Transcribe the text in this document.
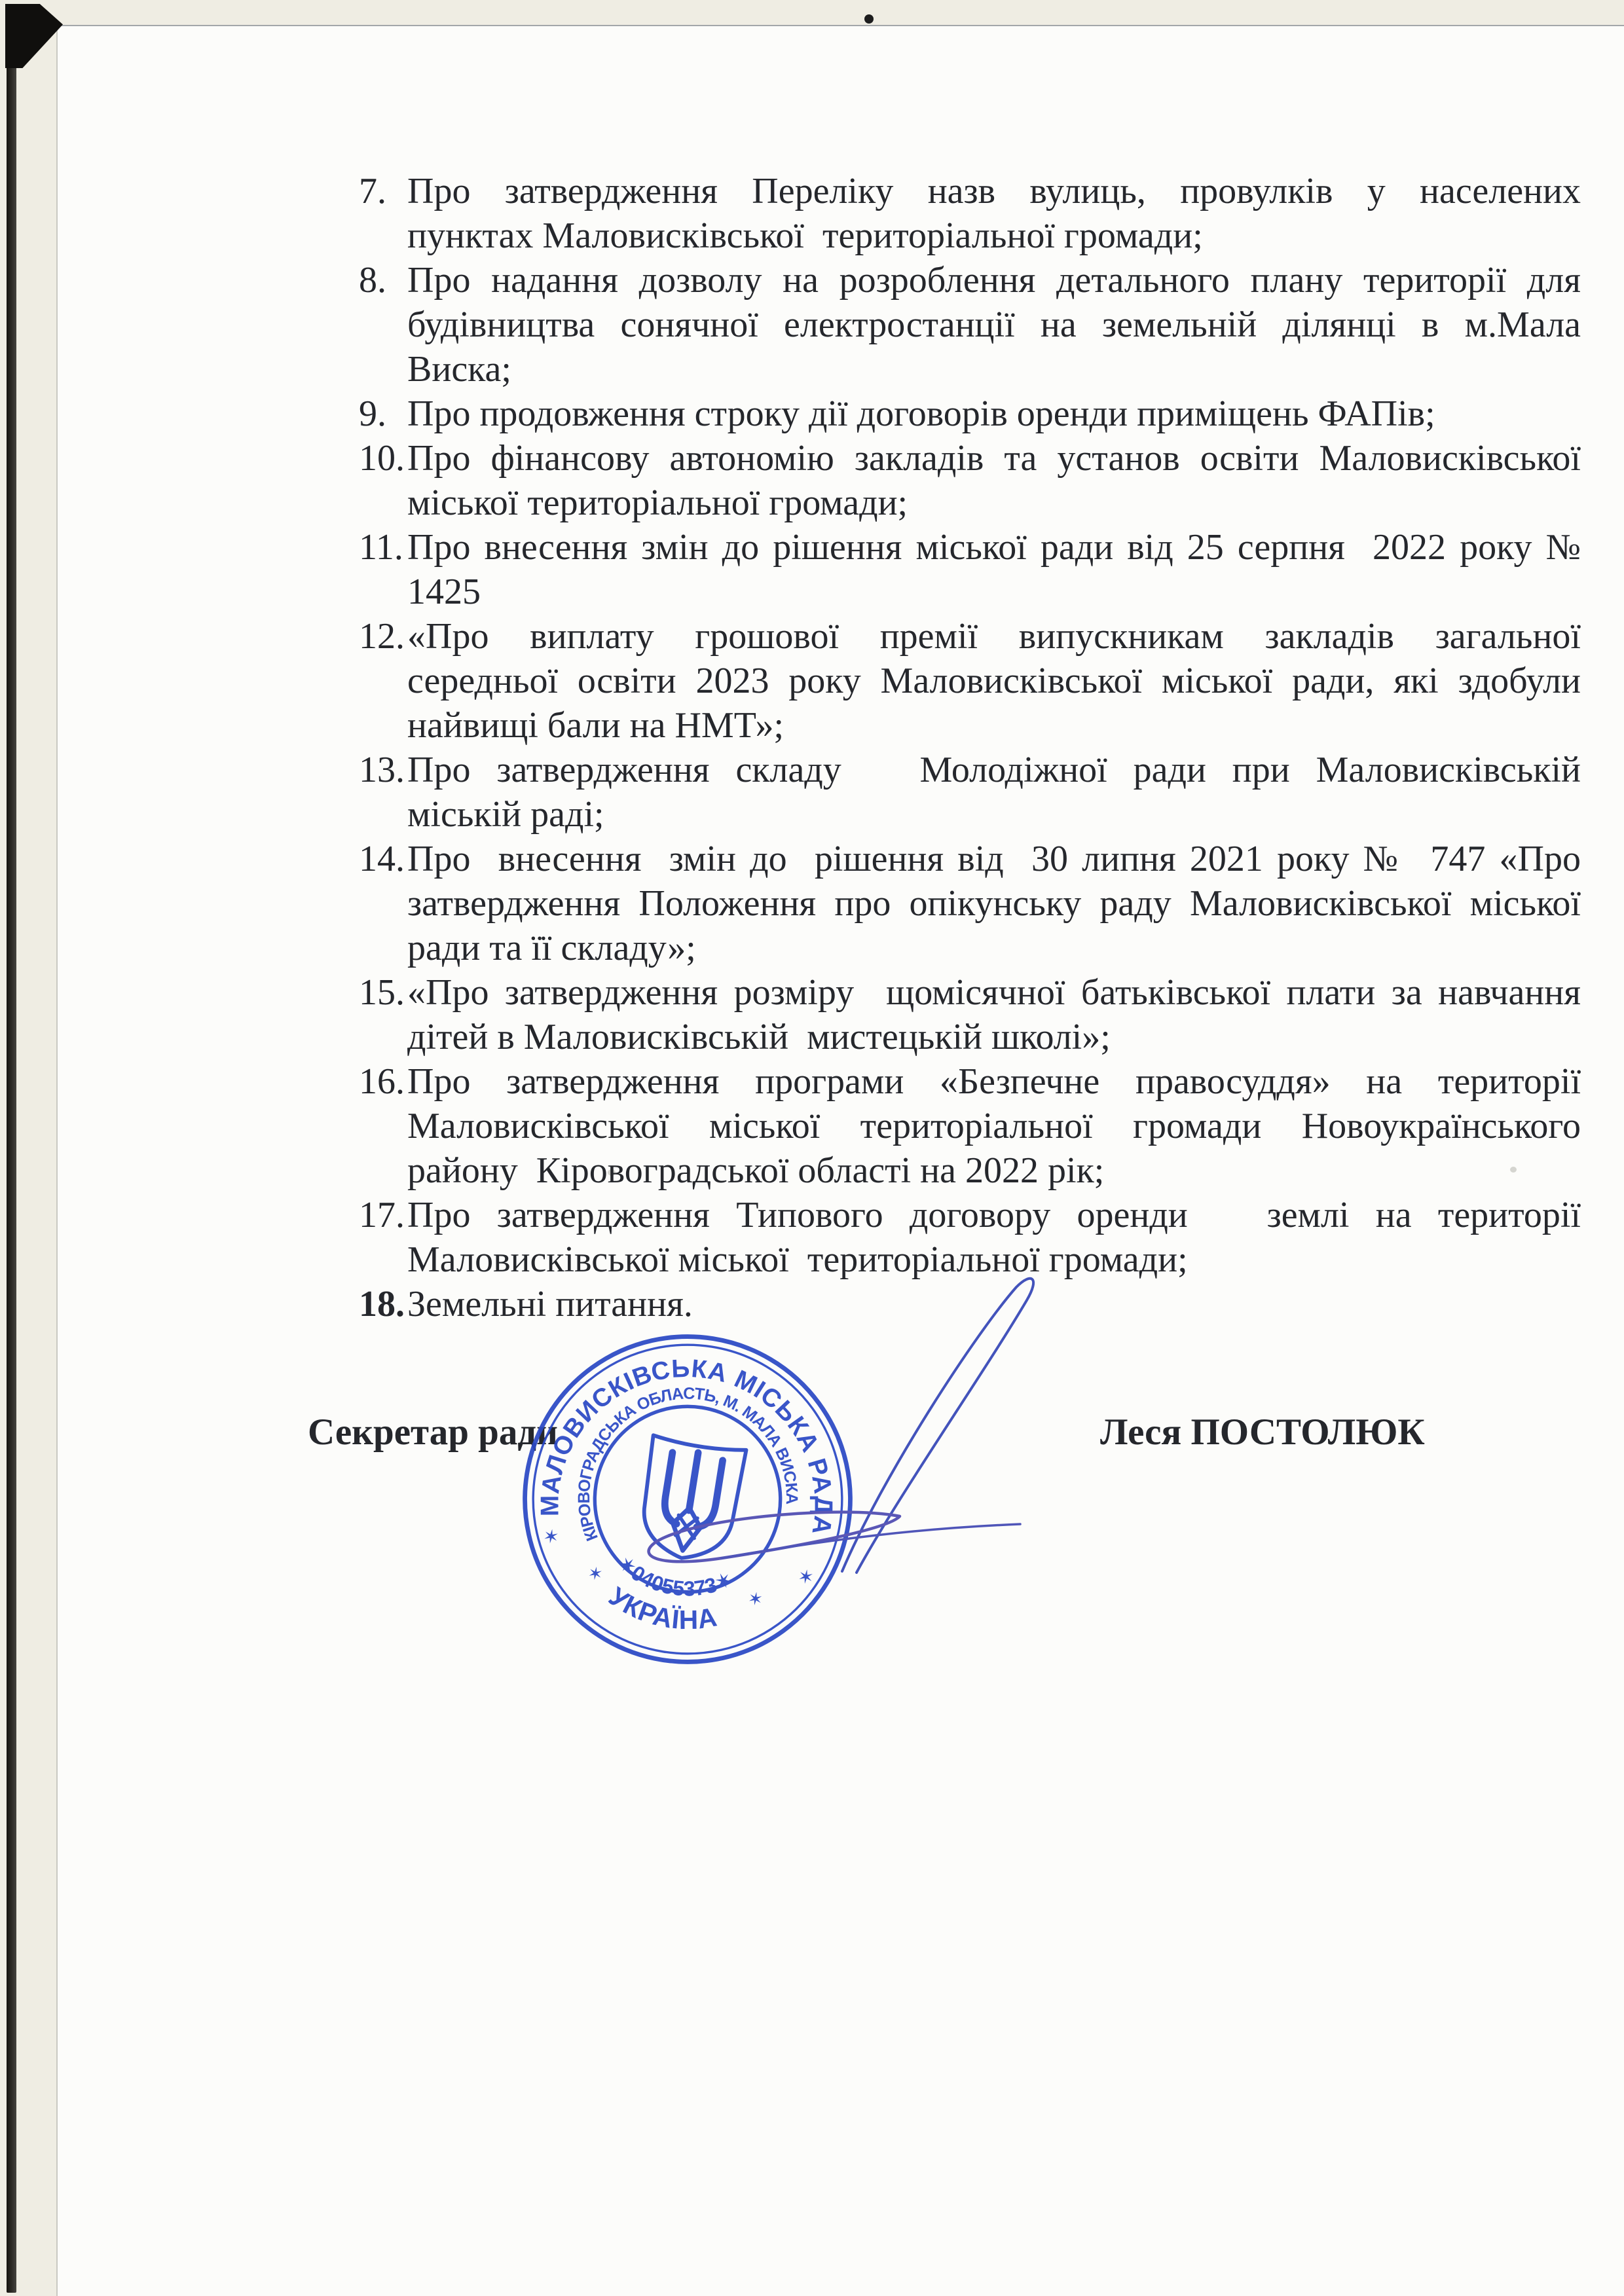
7. Про затвердження Переліку назв вулиць, провулків у населених
пунктах Маловисківської  територіальної громади;
8. Про надання дозволу на розроблення детального плану території для
будівництва сонячної електростанції на земельній ділянці в м.Мала
Виска;
9. Про продовження строку дії договорів оренди приміщень ФАПів;
10. Про фінансову автономію закладів та установ освіти Маловисківської
міської територіальної громади;
11. Про внесення змін до рішення міської ради від 25 серпня  2022 року №
1425
12. «Про виплату грошової премії випускникам закладів загальної
середньої освіти 2023 року Маловисківської міської ради, які здобули
найвищі бали на НМТ»;
13. Про затвердження складу   Молодіжної ради при Маловисківській
міській раді;
14. Про  внесення  змін до  рішення від  30 липня 2021 року №  747 «Про
затвердження Положення про опікунську раду Маловисківської міської
ради та її складу»;
15. «Про затвердження розміру  щомісячної батьківської плати за навчання
дітей в Маловисківській  мистецькій школі»;
16. Про затвердження програми «Безпечне правосуддя» на території
Маловисківської міської територіальної громади Новоукраїнського
району  Кіровоградської області на 2022 рік;
17. Про затвердження Типового договору оренди   землі на території
Маловисківської міської  територіальної громади;
18. Земельні питання.
Секретар ради	Леся ПОСТОЛЮК
МАЛОВИСКІВСЬКА МІСЬКА РАДА
КІРОВОГРАДСЬКА ОБЛАСТЬ, М. МАЛА ВИСКА
✶04055373✶
УКРАЇНА
✶
✶
✶
✶
